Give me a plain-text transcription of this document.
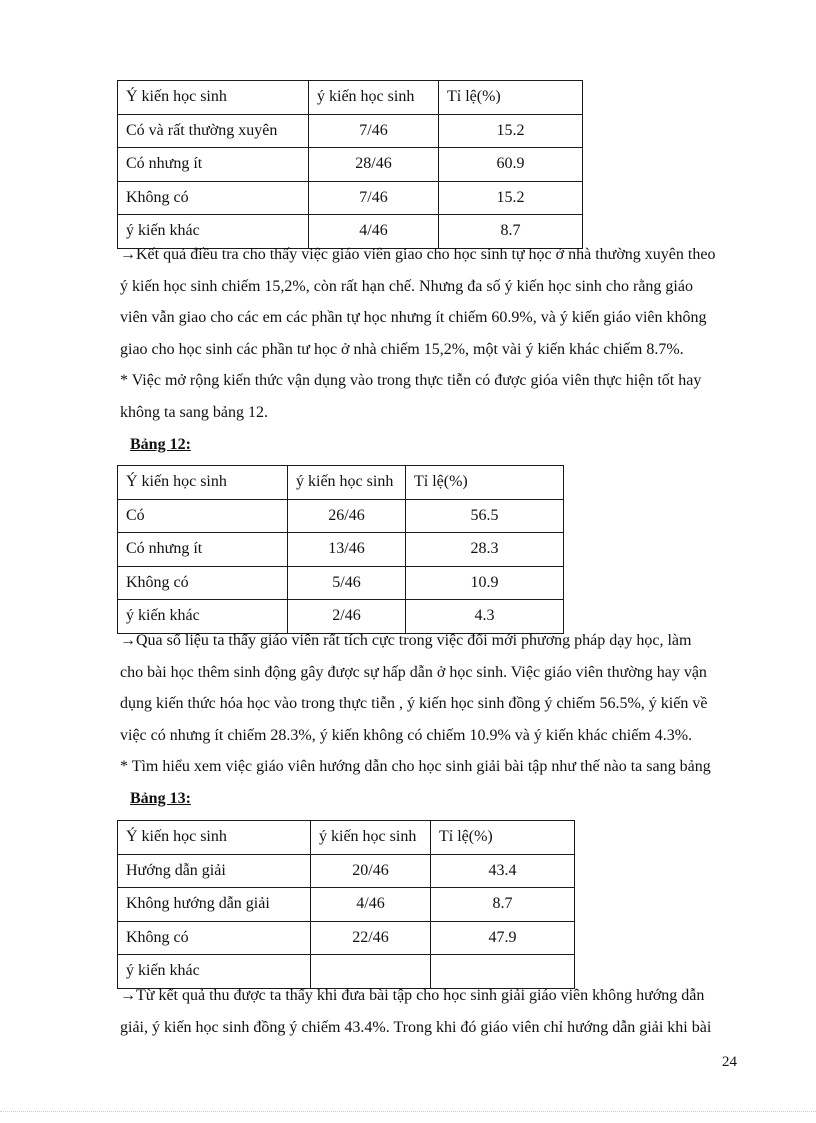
Ý kiến học sinh	ý kiến học sinh	Tỉ lệ(%)
Có và rất thường xuyên	7/46	15.2
Có nhưng ít	28/46	60.9
Không có	7/46	15.2
ý kiến khác	4/46	8.7

→Kết quả điều tra cho thấy việc giáo viên giao cho học sinh tự học ở nhà thường xuyên theo

ý kiến học sinh chiếm 15,2%, còn rất hạn chế. Nhưng đa số ý kiến học sinh cho rằng giáo

viên vẫn giao cho các em các phần tự học nhưng ít chiếm 60.9%, và ý kiến giáo viên không

giao cho học sinh các phần tư học ở nhà chiếm 15,2%, một vài ý kiến khác chiếm 8.7%.

* Việc mở rộng kiến thức vận dụng vào trong thực tiễn có được gióa viên thực hiện tốt hay

không ta sang bảng 12.

Bảng 12:
Ý kiến học sinh	ý kiến học sinh	Tỉ lệ(%)
Có	26/46	56.5
Có nhưng ít	13/46	28.3
Không có	5/46	10.9
ý kiến khác	2/46	4.3

→Qua số liệu ta thấy giáo viên rất tích cực trong việc đổi mới phương pháp dạy học, làm

cho bài học thêm sinh động gây được sự hấp dẫn ở học sinh. Việc giáo viên thường hay vận

dụng kiến thức hóa học vào trong thực tiễn , ý kiến học sinh đồng ý chiếm 56.5%, ý kiến về

việc có nhưng ít chiếm 28.3%, ý kiến không có chiếm 10.9% và ý kiến khác chiếm 4.3%.

* Tìm hiểu xem việc giáo viên hướng dẫn cho học sinh giải bài tập như thế nào ta sang bảng

Bảng 13:
Ý kiến học sinh	ý kiến học sinh	Tỉ lệ(%)
Hướng dẫn giải	20/46	43.4
Không hướng dẫn giải	4/46	8.7
Không có	22/46	47.9
ý kiến khác		

→Từ kết quả thu được ta thấy khi đưa bài tập cho học sinh giải giáo viên không hướng dẫn

giải, ý kiến học sinh đồng ý chiếm 43.4%. Trong khi đó giáo viên chỉ hướng dẫn giải khi bài

24
